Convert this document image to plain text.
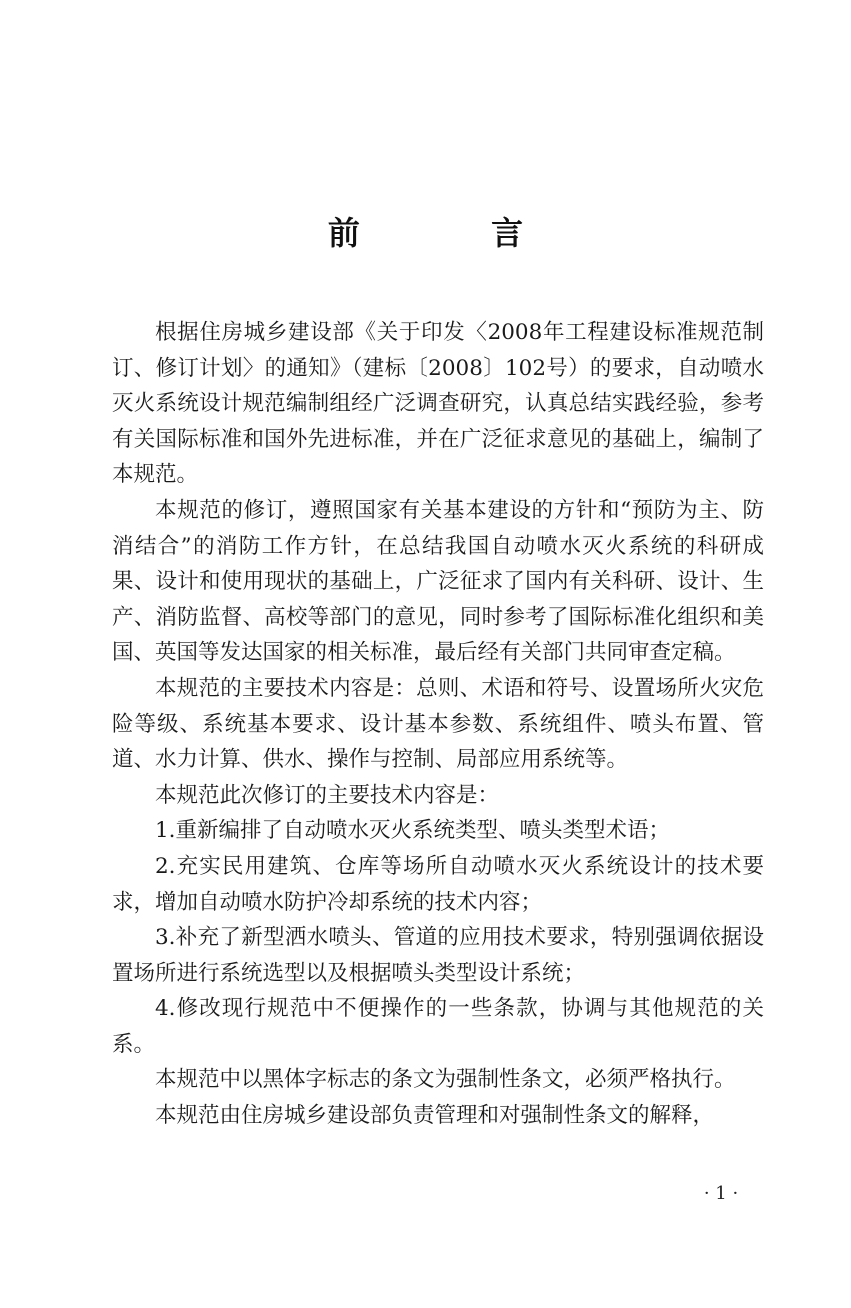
前 言

根据住房城乡建设部《关于印发〈2008年工程建设标准规范制订、修订计划〉的通知》（建标〔2008〕102号）的要求，自动喷水灭火系统设计规范编制组经广泛调查研究，认真总结实践经验，参考有关国际标准和国外先进标准，并在广泛征求意见的基础上，编制了本规范。

本规范的修订，遵照国家有关基本建设的方针和“预防为主、防消结合”的消防工作方针，在总结我国自动喷水灭火系统的科研成果、设计和使用现状的基础上，广泛征求了国内有关科研、设计、生产、消防监督、高校等部门的意见，同时参考了国际标准化组织和美国、英国等发达国家的相关标准，最后经有关部门共同审查定稿。

本规范的主要技术内容是：总则、术语和符号、设置场所火灾危险等级、系统基本要求、设计基本参数、系统组件、喷头布置、管道、水力计算、供水、操作与控制、局部应用系统等。

本规范此次修订的主要技术内容是：

1.重新编排了自动喷水灭火系统类型、喷头类型术语；

2.充实民用建筑、仓库等场所自动喷水灭火系统设计的技术要求，增加自动喷水防护冷却系统的技术内容；

3.补充了新型洒水喷头、管道的应用技术要求，特别强调依据设置场所进行系统选型以及根据喷头类型设计系统；

4.修改现行规范中不便操作的一些条款，协调与其他规范的关系。

本规范中以黑体字标志的条文为强制性条文，必须严格执行。

本规范由住房城乡建设部负责管理和对强制性条文的解释，

· 1 ·
